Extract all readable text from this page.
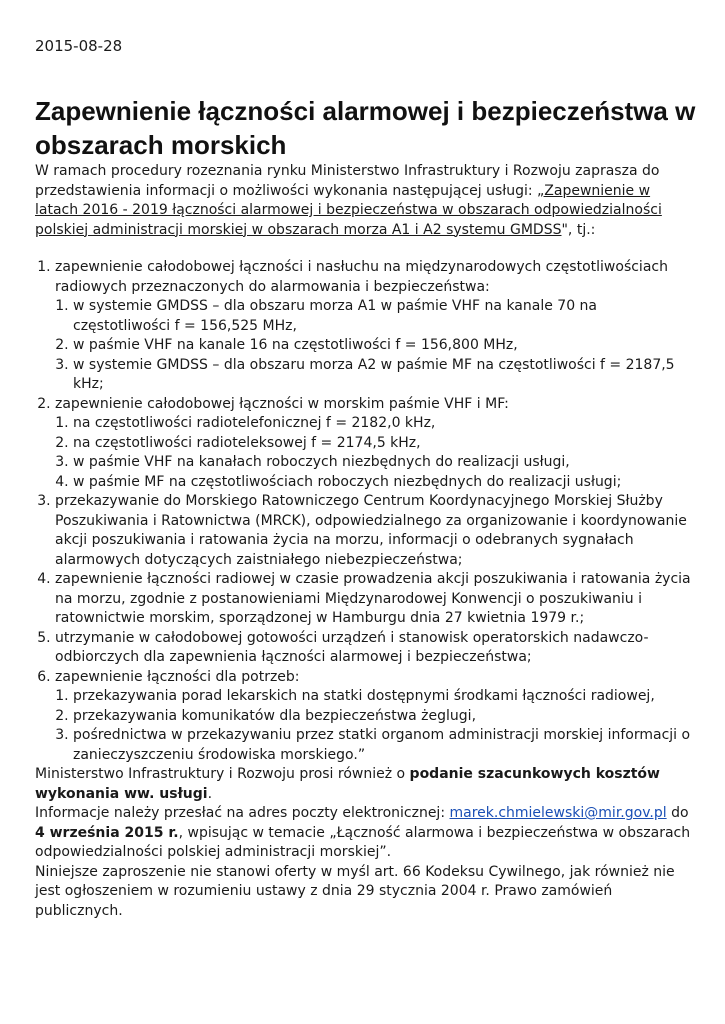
2015-08-28

Zapewnienie łączności alarmowej i bezpieczeństwa w obszarach morskich

W ramach procedury rozeznania rynku Ministerstwo Infrastruktury i Rozwoju zaprasza do przedstawienia informacji o możliwości wykonania następującej usługi: „Zapewnienie w latach 2016 - 2019 łączności alarmowej i bezpieczeństwa w obszarach odpowiedzialności polskiej administracji morskiej w obszarach morza A1 i A2 systemu GMDSS", tj.:

1. zapewnienie całodobowej łączności i nasłuchu na międzynarodowych częstotliwościach radiowych przeznaczonych do alarmowania i bezpieczeństwa:
1. w systemie GMDSS – dla obszaru morza A1 w paśmie VHF na kanale 70 na częstotliwości f = 156,525 MHz,
2. w paśmie VHF na kanale 16 na częstotliwości f = 156,800 MHz,
3. w systemie GMDSS – dla obszaru morza A2 w paśmie MF na częstotliwości f = 2187,5 kHz;
2. zapewnienie całodobowej łączności w morskim paśmie VHF i MF:
1. na częstotliwości radiotelefonicznej f = 2182,0 kHz,
2. na częstotliwości radioteleksowej f = 2174,5 kHz,
3. w paśmie VHF na kanałach roboczych niezbędnych do realizacji usługi,
4. w paśmie MF na częstotliwościach roboczych niezbędnych do realizacji usługi;
3. przekazywanie do Morskiego Ratowniczego Centrum Koordynacyjnego Morskiej Służby Poszukiwania i Ratownictwa (MRCK), odpowiedzialnego za organizowanie i koordynowanie akcji poszukiwania i ratowania życia na morzu, informacji o odebranych sygnałach alarmowych dotyczących zaistniałego niebezpieczeństwa;
4. zapewnienie łączności radiowej w czasie prowadzenia akcji poszukiwania i ratowania życia na morzu, zgodnie z postanowieniami Międzynarodowej Konwencji o poszukiwaniu i ratownictwie morskim, sporządzonej w Hamburgu dnia 27 kwietnia 1979 r.;
5. utrzymanie w całodobowej gotowości urządzeń i stanowisk operatorskich nadawczo-odbiorczych dla zapewnienia łączności alarmowej i bezpieczeństwa;
6. zapewnienie łączności dla potrzeb:
1. przekazywania porad lekarskich na statki dostępnymi środkami łączności radiowej,
2. przekazywania komunikatów dla bezpieczeństwa żeglugi,
3. pośrednictwa w przekazywaniu przez statki organom administracji morskiej informacji o zanieczyszczeniu środowiska morskiego.”

Ministerstwo Infrastruktury i Rozwoju prosi również o podanie szacunkowych kosztów wykonania ww. usługi.

Informacje należy przesłać na adres poczty elektronicznej: marek.chmielewski@mir.gov.pl do 4 września 2015 r., wpisując w temacie „Łączność alarmowa i bezpieczeństwa w obszarach odpowiedzialności polskiej administracji morskiej”.

Niniejsze zaproszenie nie stanowi oferty w myśl art. 66 Kodeksu Cywilnego, jak również nie jest ogłoszeniem w rozumieniu ustawy z dnia 29 stycznia 2004 r. Prawo zamówień publicznych.
